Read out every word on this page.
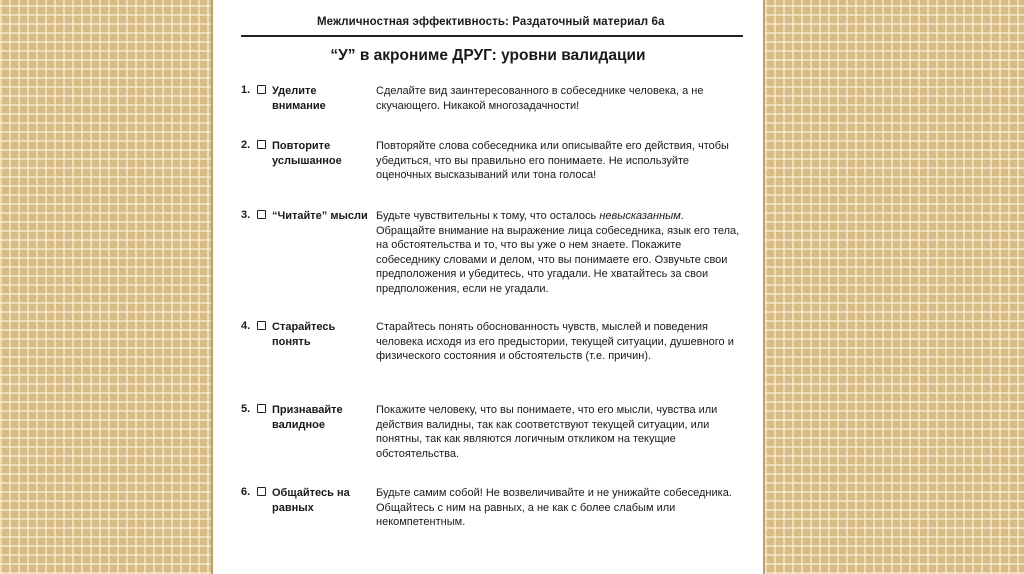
Межличностная эффективность: Раздаточный материал 6а
“У” в акрониме ДРУГ: уровни валидации
1. Уделите внимание

Сделайте вид заинтересованного в собеседнике человека, а не скучающего. Никакой многозадачности!

2. Повторите услышанное

Повторяйте слова собеседника или описывайте его действия, чтобы убедиться, что вы правильно его понимаете. Не используйте оценочных высказываний или тона голоса!

3. “Читайте” мысли Будьте чувствительны к тому, что осталось невысказанным. Обращайте внимание на выражение лица собеседника, язык его тела, на обстоятельства и то, что вы уже о нем знаете. Покажите собеседнику словами и делом, что вы понимаете его. Озвучьте свои предположения и убедитесь, что угадали. Не хватайтесь за свои предположения, если не угадали.

4. Старайтесь понять

Старайтесь понять обоснованность чувств, мыслей и поведения человека исходя из его предыстории, текущей ситуации, душевного и физического состояния и обстоятельств (т.е. причин).

5. Признавайте валидное

Покажите человеку, что вы понимаете, что его мысли, чувства или действия валидны, так как соответствуют текущей ситуации, или понятны, так как являются логичным откликом на текущие обстоятельства.

6. Общайтесь на равных

Будьте самим собой! Не возвеличивайте и не унижайте собеседника. Общайтесь с ним на равных, а не как с более слабым или некомпетентным.
